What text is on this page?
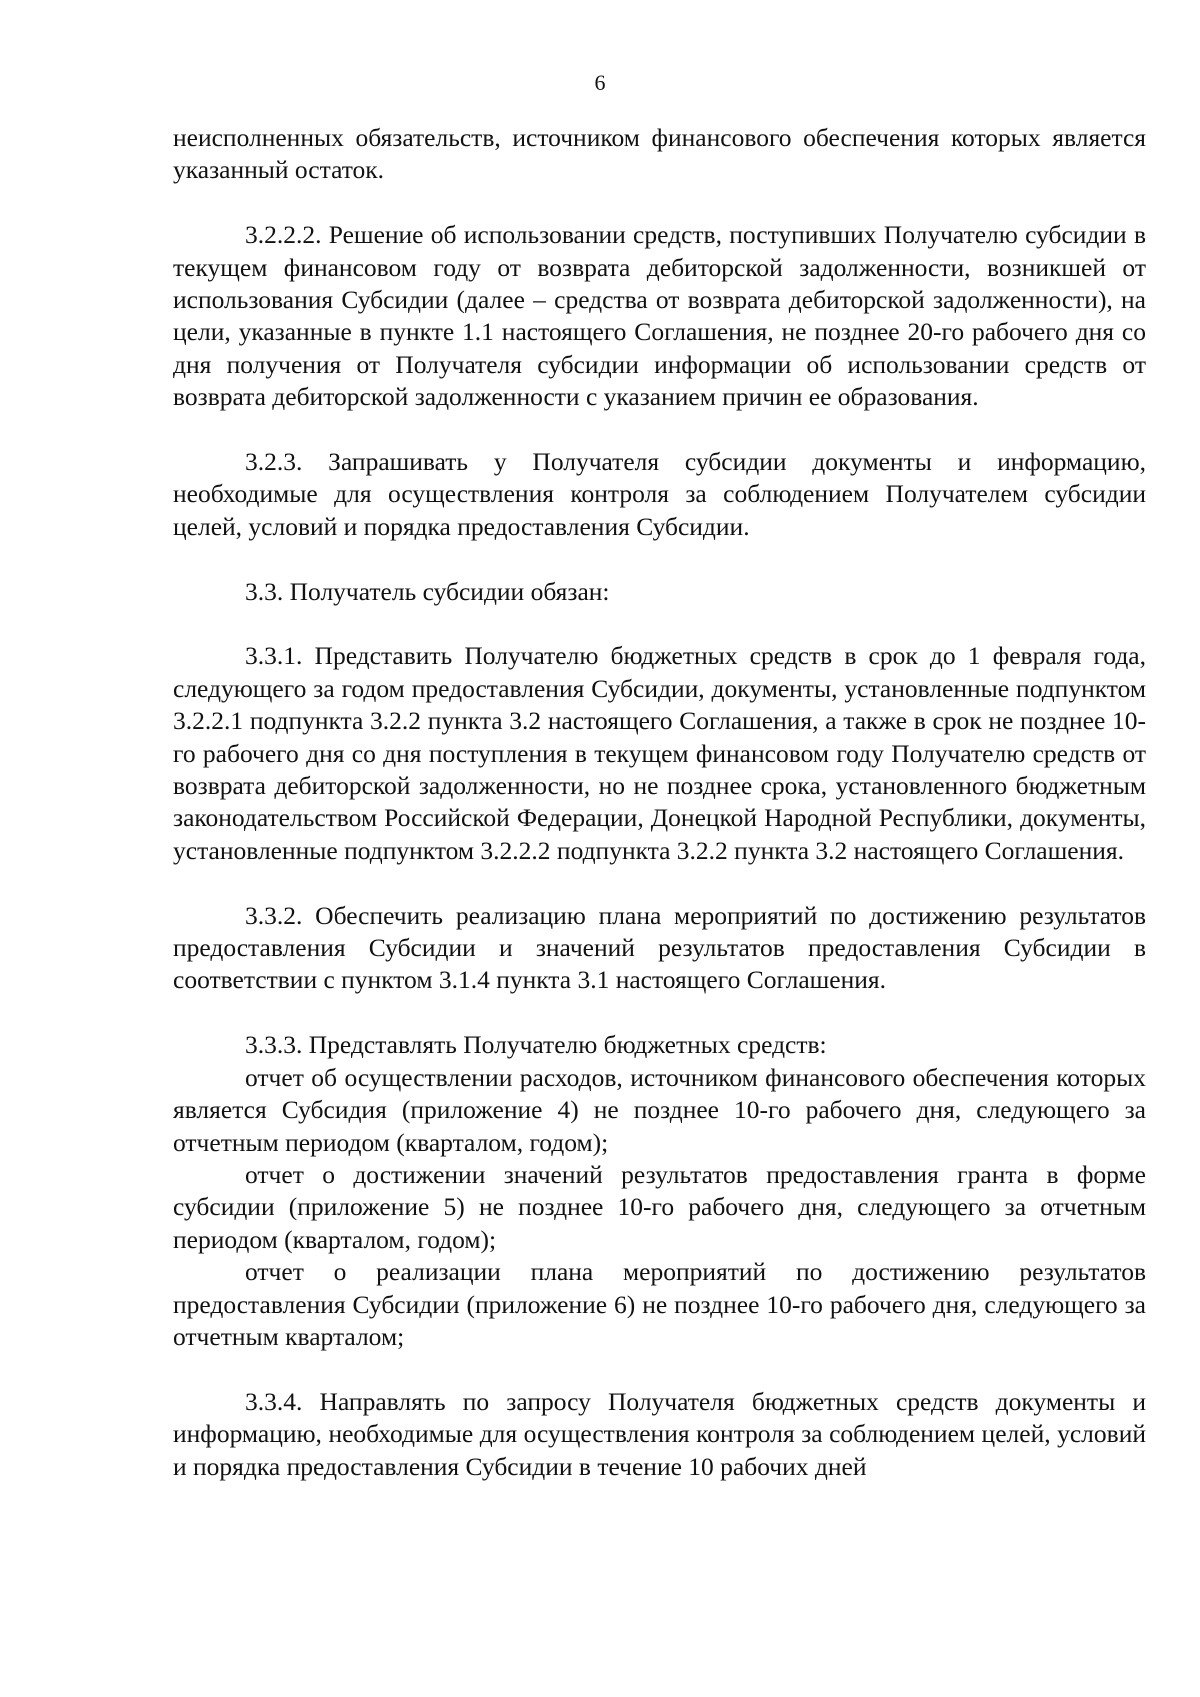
6

неисполненных обязательств, источником финансового обеспечения которых является указанный остаток.

3.2.2.2. Решение об использовании средств, поступивших Получателю субсидии в текущем финансовом году от возврата дебиторской задолженности, возникшей от использования Субсидии (далее – средства от возврата дебиторской задолженности), на цели, указанные в пункте 1.1 настоящего Соглашения, не позднее 20-го рабочего дня со дня получения от Получателя субсидии информации об использовании средств от возврата дебиторской задолженности с указанием причин ее образования.

3.2.3. Запрашивать у Получателя субсидии документы и информацию, необходимые для осуществления контроля за соблюдением Получателем субсидии целей, условий и порядка предоставления Субсидии.

3.3. Получатель субсидии обязан:

3.3.1. Представить Получателю бюджетных средств в срок до 1 февраля года, следующего за годом предоставления Субсидии, документы, установленные подпунктом 3.2.2.1 подпункта 3.2.2 пункта 3.2 настоящего Соглашения, а также в срок не позднее 10-го рабочего дня со дня поступления в текущем финансовом году Получателю средств от возврата дебиторской задолженности, но не позднее срока, установленного бюджетным законодательством Российской Федерации, Донецкой Народной Республики, документы, установленные подпунктом 3.2.2.2 подпункта 3.2.2 пункта 3.2 настоящего Соглашения.

3.3.2. Обеспечить реализацию плана мероприятий по достижению результатов предоставления Субсидии и значений результатов предоставления Субсидии в соответствии с пунктом 3.1.4 пункта 3.1 настоящего Соглашения.

3.3.3. Представлять Получателю бюджетных средств:

отчет об осуществлении расходов, источником финансового обеспечения которых является Субсидия (приложение 4) не позднее 10-го рабочего дня, следующего за отчетным периодом (кварталом, годом);

отчет о достижении значений результатов предоставления гранта в форме субсидии (приложение 5) не позднее 10-го рабочего дня, следующего за отчетным периодом (кварталом, годом);

отчет о реализации плана мероприятий по достижению результатов предоставления Субсидии (приложение 6) не позднее 10-го рабочего дня, следующего за отчетным кварталом;

3.3.4. Направлять по запросу Получателя бюджетных средств документы и информацию, необходимые для осуществления контроля за соблюдением целей, условий и порядка предоставления Субсидии в течение 10 рабочих дней
